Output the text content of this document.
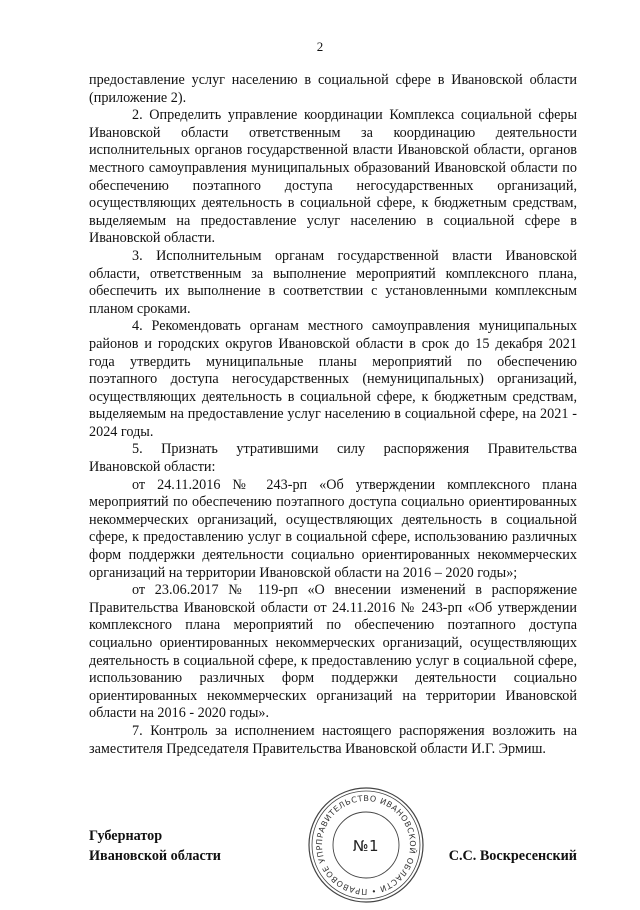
2

предоставление услуг населению в социальной сфере в Ивановской области (приложение 2).

2. Определить управление координации Комплекса социальной сферы Ивановской области ответственным за координацию деятельности исполнительных органов государственной власти Ивановской области, органов местного самоуправления муниципальных образований Ивановской области по обеспечению поэтапного доступа негосударственных организаций, осуществляющих деятельность в социальной сфере, к бюджетным средствам, выделяемым на предоставление услуг населению в социальной сфере в Ивановской области.

3. Исполнительным органам государственной власти Ивановской области, ответственным за выполнение мероприятий комплексного плана, обеспечить их выполнение в соответствии с установленными комплексным планом сроками.

4. Рекомендовать органам местного самоуправления муниципальных районов и городских округов Ивановской области в срок до 15 декабря 2021 года утвердить муниципальные планы мероприятий по обеспечению поэтапного доступа негосударственных (немуниципальных) организаций, осуществляющих деятельность в социальной сфере, к бюджетным средствам, выделяемым на предоставление услуг населению в социальной сфере, на 2021 - 2024 годы.

5. Признать утратившими силу распоряжения Правительства Ивановской области:

от 24.11.2016 № 243-рп «Об утверждении комплексного плана мероприятий по обеспечению поэтапного доступа социально ориентированных некоммерческих организаций, осуществляющих деятельность в социальной сфере, к предоставлению услуг в социальной сфере, использованию различных форм поддержки деятельности социально ориентированных некоммерческих организаций на территории Ивановской области на 2016 – 2020 годы»;

от 23.06.2017 № 119-рп «О внесении изменений в распоряжение Правительства Ивановской области от 24.11.2016 № 243-рп «Об утверждении комплексного плана мероприятий по обеспечению поэтапного доступа социально ориентированных некоммерческих организаций, осуществляющих деятельность в социальной сфере, к предоставлению услуг в социальной сфере, использованию различных форм поддержки деятельности социально ориентированных некоммерческих организаций на территории Ивановской области на 2016 - 2020 годы».

7. Контроль за исполнением настоящего распоряжения возложить на заместителя Председателя Правительства Ивановской области И.Г. Эрмиш.

ПРАВИТЕЛЬСТВО ИВАНОВСКОЙ ОБЛАСТИ • ПРАВОВОЕ УПР	№1
Губернатор
Ивановской области	С.С. Воскресенский
